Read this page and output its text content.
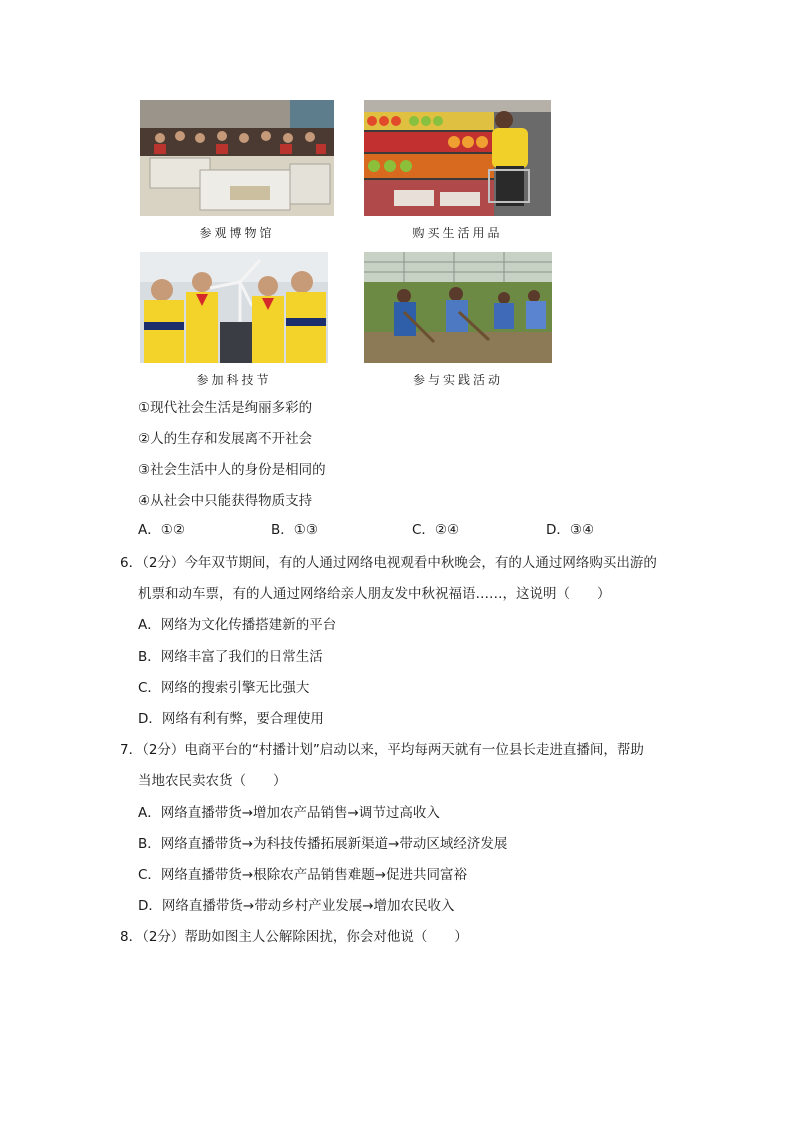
参观博物馆	购买生活用品
参加科技节	参与实践活动
①现代社会生活是绚丽多彩的
②人的生存和发展离不开社会
③社会生活中人的身份是相同的
④从社会中只能获得物质支持
A．①②	B．①③	C．②④	D．③④
6．（2分）今年双节期间，有的人通过网络电视观看中秋晚会，有的人通过网络购买出游的
机票和动车票，有的人通过网络给亲人朋友发中秋祝福语……，这说明（　　）
A．网络为文化传播搭建新的平台
B．网络丰富了我们的日常生活
C．网络的搜索引擎无比强大
D．网络有利有弊，要合理使用
7．（2分）电商平台的“村播计划”启动以来，平均每两天就有一位县长走进直播间，帮助
当地农民卖农货（　　）
A．网络直播带货→增加农产品销售→调节过高收入
B．网络直播带货→为科技传播拓展新渠道→带动区域经济发展
C．网络直播带货→根除农产品销售难题→促进共同富裕
D．网络直播带货→带动乡村产业发展→增加农民收入
8．（2分）帮助如图主人公解除困扰，你会对他说（　　）
